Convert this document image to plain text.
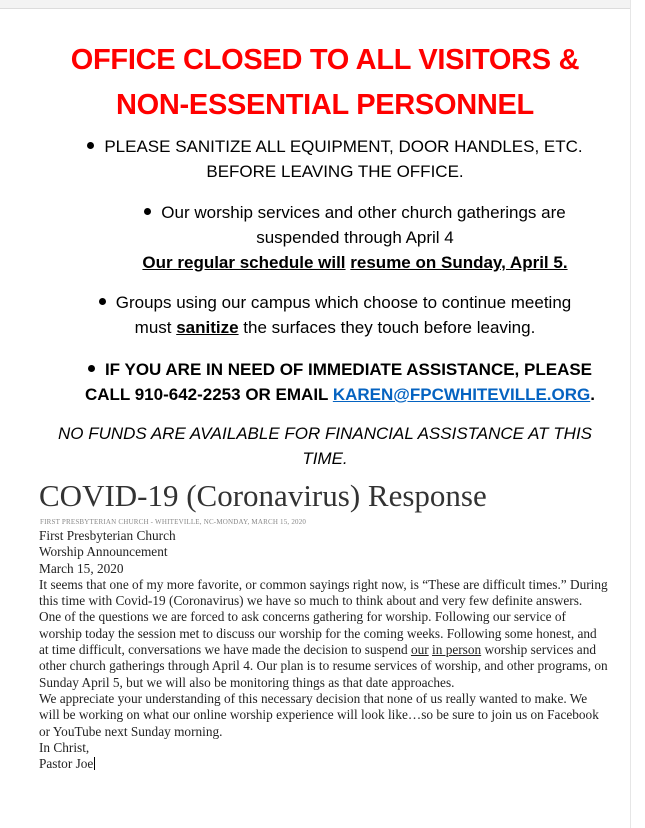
OFFICE CLOSED TO ALL VISITORS &
NON-ESSENTIAL PERSONNEL
PLEASE SANITIZE ALL EQUIPMENT, DOOR HANDLES, ETC.
BEFORE LEAVING THE OFFICE.
Our worship services and other church gatherings are
suspended through April 4
Our regular schedule will resume on Sunday, April 5.
Groups using our campus which choose to continue meeting
must sanitize the surfaces they touch before leaving.
IF YOU ARE IN NEED OF IMMEDIATE ASSISTANCE, PLEASE
CALL 910-642-2253 OR EMAIL KAREN@FPCWHITEVILLE.ORG.
NO FUNDS ARE AVAILABLE FOR FINANCIAL ASSISTANCE AT THIS
TIME.
COVID-19 (Coronavirus) Response
FIRST PRESBYTERIAN CHURCH - WHITEVILLE, NC-MONDAY, MARCH 15, 2020

First Presbyterian Church

Worship Announcement

March 15, 2020

It seems that one of my more favorite, or common sayings right now, is “These are difficult times.” During this time with Covid-19 (Coronavirus) we have so much to think about and very few definite answers.

One of the questions we are forced to ask concerns gathering for worship. Following our service of worship today the session met to discuss our worship for the coming weeks. Following some honest, and at time difficult, conversations we have made the decision to suspend our in person worship services and other church gatherings through April 4. Our plan is to resume services of worship, and other programs, on Sunday April 5, but we will also be monitoring things as that date approaches.

We appreciate your understanding of this necessary decision that none of us really wanted to make. We will be working on what our online worship experience will look like…so be sure to join us on Facebook or YouTube next Sunday morning.

In Christ,

Pastor Joe
